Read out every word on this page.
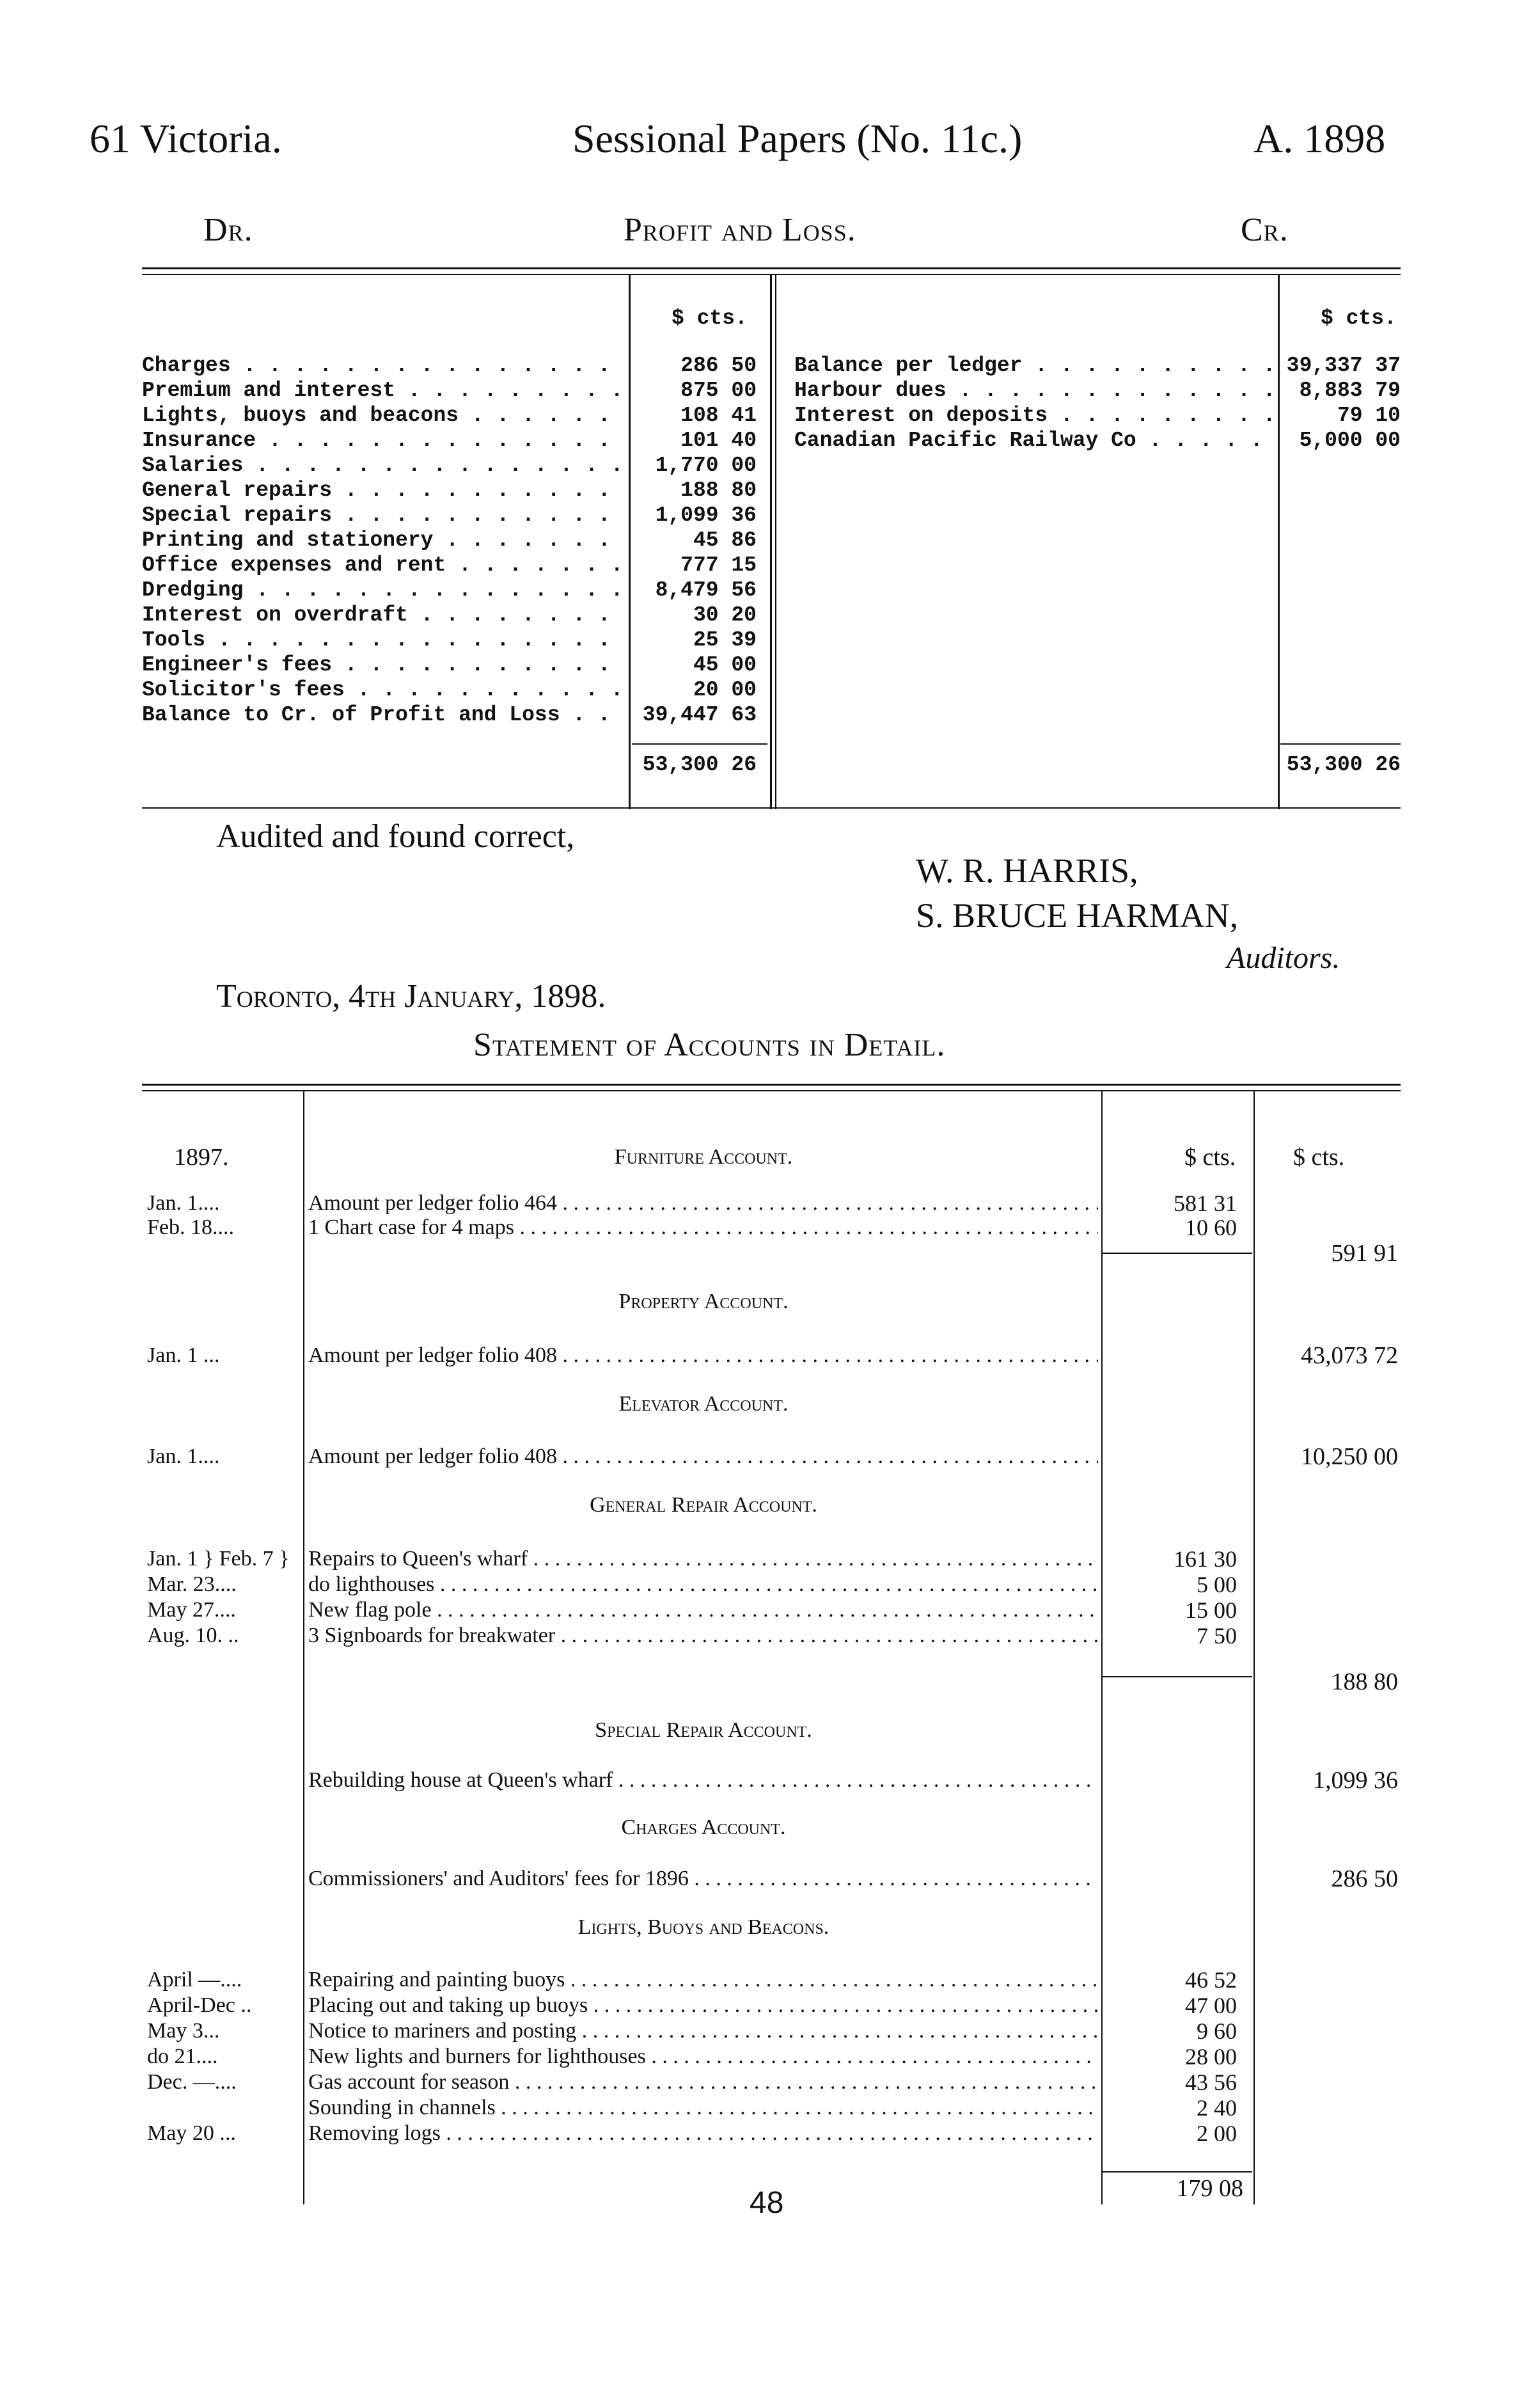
61 Victoria.	Sessional Papers (No. 11c.)	A. 1898
Dr.	Profit and Loss.	Cr.
$ cts.	$ cts.
Charges . . .	286 50
Premium and interest . . .	875 00
Lights, buoys and beacons . . .	108 41
Insurance . . .	101 40
Salaries . . .	1,770 00
General repairs . . .	188 80
Special repairs . . .	1,099 36
Printing and stationery . . .	45 86
Office expenses and rent . . .	777 15
Dredging . . .	8,479 56
Interest on overdraft . . .	30 20
Tools . . .	25 39
Engineer's fees . . .	45 00
Solicitor's fees . . .	20 00
Balance to Cr. of Profit and Loss . . .	39,447 63
Balance per ledger . . .	39,337 37
Harbour dues . . .	8,883 79
Interest on deposits . . .	79 10
Canadian Pacific Railway Co . . .	5,000 00
53,300 26	53,300 26
Audited and found correct,
W. R. HARRIS,
S. BRUCE HARMAN,
Auditors.
Toronto, 4th January, 1898.
Statement of Accounts in Detail.
1897.	$ cts.	$ cts.
Furniture Account.
Jan. 1....	Amount per ledger folio 464 . . .	581 31
Feb. 18....	1 Chart case for 4 maps . . .	10 60
591 91
Property Account.
Jan. 1 ...	Amount per ledger folio 408 . . .	43,073 72
Elevator Account.
Jan. 1....	Amount per ledger folio 408 . . .	10,250 00
General Repair Account.
Jan. 1 } Feb. 7 } Repairs to Queen's wharf . . .	161 30
Mar. 23....	do lighthouses . . .	5 00
May 27....	New flag pole . . .	15 00
Aug. 10. ..	3 Signboards for breakwater . . .	7 50
188 80
Special Repair Account.
Rebuilding house at Queen's wharf . . .	1,099 36
Charges Account.
Commissioners' and Auditors' fees for 1896 . . .	286 50
Lights, Buoys and Beacons.
April —....	Repairing and painting buoys . . .	46 52
April-Dec ..	Placing out and taking up buoys . . .	47 00
May 3...	Notice to mariners and posting . . .	9 60
do 21....	New lights and burners for lighthouses . . .	28 00
Dec. —....	Gas account for season . . .	43 56
Sounding in channels . . .	2 40
May 20 ...	Removing logs . . .	2 00
179 08
48
